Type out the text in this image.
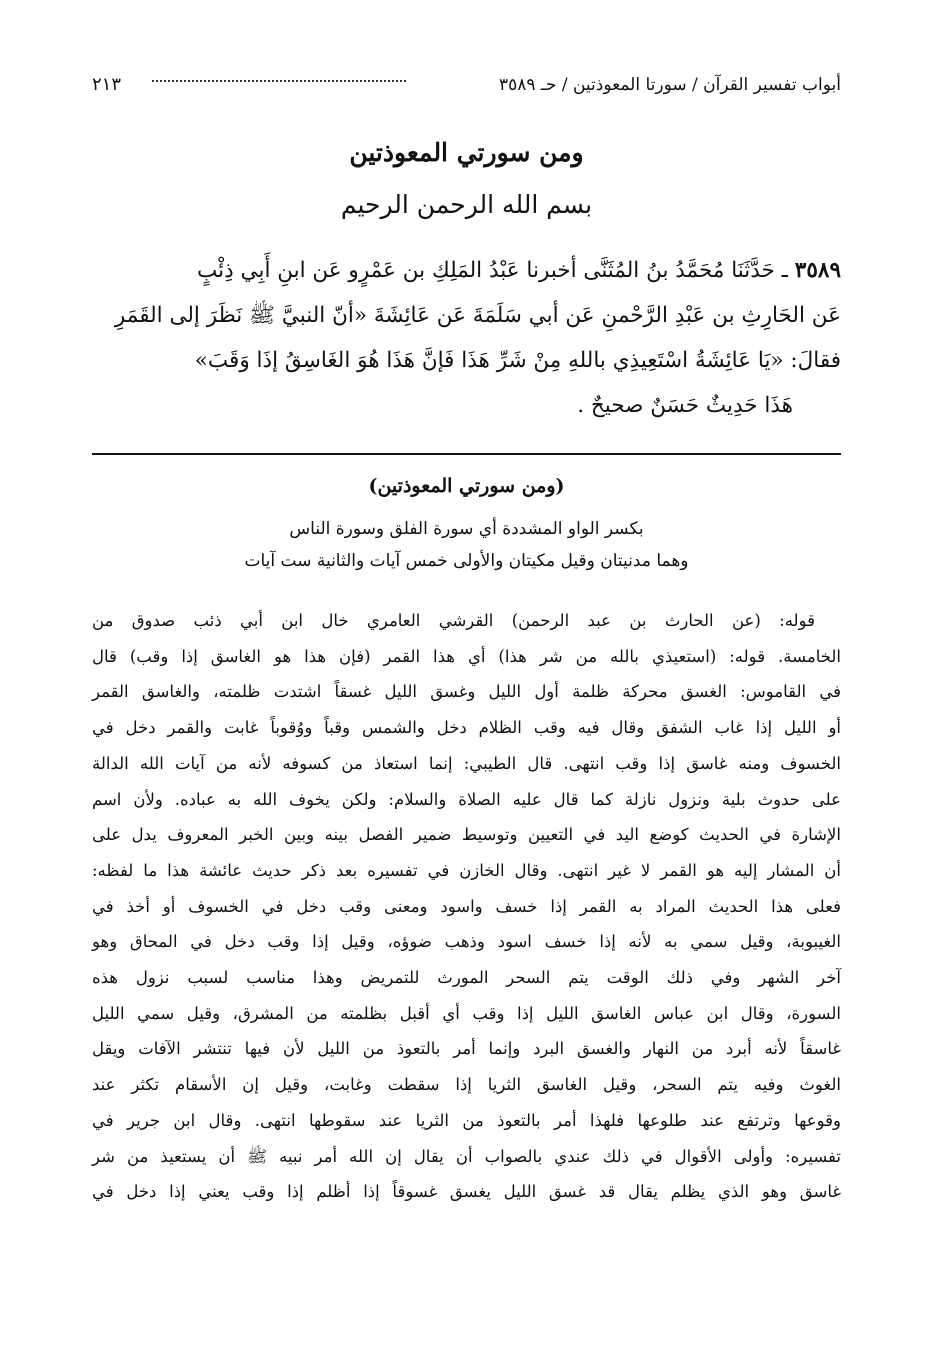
أبواب تفسير القرآن / سورتا المعوذتين / حـ ٣٥٨٩
٢١٣
ومن سورتي المعوذتين
بسم الله الرحمن الرحيم

٣٥٨٩ ـ حَدَّثَنَا مُحَمَّدُ بنُ المُثَنَّى أخبرنا عَبْدُ المَلِكِ بن عَمْرٍو عَن ابنِ أَبِي ذِئْبٍ

عَن الحَارِثِ بن عَبْدِ الرَّحْمنِ عَن أبي سَلَمَةَ عَن عَائِشَةَ «أنّ النبيَّ ﷺ نَظَرَ إلى القَمَرِ

فقالَ: «يَا عَائِشَةُ اسْتَعِيذِي باللهِ مِنْ شَرِّ هَذَا فَإنَّ هَذَا هُوَ الغَاسِقُ إذَا وَقَبَ»

هَذَا حَدِيثٌ حَسَنٌ صحيحٌ .

(ومن سورتي المعوذتين)
بكسر الواو المشددة أي سورة الفلق وسورة الناس
وهما مدنيتان وقيل مكيتان والأولى خمس آيات والثانية ست آيات
قوله: (عن الحارث بن عبد الرحمن) القرشي العامري خال ابن أبي ذئب صدوق من
الخامسة. قوله: (استعيذي بالله من شر هذا) أي هذا القمر (فإن هذا هو الغاسق إذا وقب) قال
في القاموس: الغسق محركة ظلمة أول الليل وغسق الليل غسقاً اشتدت ظلمته، والغاسق القمر
أو الليل إذا غاب الشفق وقال فيه وقب الظلام دخل والشمس وقباً ووُقوباً غابت والقمر دخل في
الخسوف ومنه غاسق إذا وقب انتهى. قال الطيبي: إنما استعاذ من كسوفه لأنه من آيات الله الدالة
على حدوث بلية ونزول نازلة كما قال عليه الصلاة والسلام: ولكن يخوف الله به عباده. ولأن اسم
الإشارة في الحديث كوضع اليد في التعيين وتوسيط ضمير الفصل بينه وبين الخبر المعروف يدل على
أن المشار إليه هو القمر لا غير انتهى. وقال الخازن في تفسيره بعد ذكر حديث عائشة هذا ما لفظه:
فعلى هذا الحديث المراد به القمر إذا خسف واسود ومعنى وقب دخل في الخسوف أو أخذ في
الغيبوبة، وقيل سمي به لأنه إذا خسف اسود وذهب ضوؤه، وقيل إذا وقب دخل في المحاق وهو
آخر الشهر وفي ذلك الوقت يتم السحر المورث للتمريض وهذا مناسب لسبب نزول هذه
السورة، وقال ابن عباس الغاسق الليل إذا وقب أي أقبل بظلمته من المشرق، وقيل سمي الليل
غاسقاً لأنه أبرد من النهار والغسق البرد وإنما أمر بالتعوذ من الليل لأن فيها تنتشر الآفات ويقل
الغوث وفيه يتم السحر، وقيل الغاسق الثريا إذا سقطت وغابت، وقيل إن الأسقام تكثر عند
وقوعها وترتفع عند طلوعها فلهذا أمر بالتعوذ من الثريا عند سقوطها انتهى. وقال ابن جرير في
تفسيره: وأولى الأقوال في ذلك عندي بالصواب أن يقال إن الله أمر نبيه ﷺ أن يستعيذ من شر
غاسق وهو الذي يظلم يقال قد غسق الليل يغسق غسوقاً إذا أظلم إذا وقب يعني إذا دخل في
